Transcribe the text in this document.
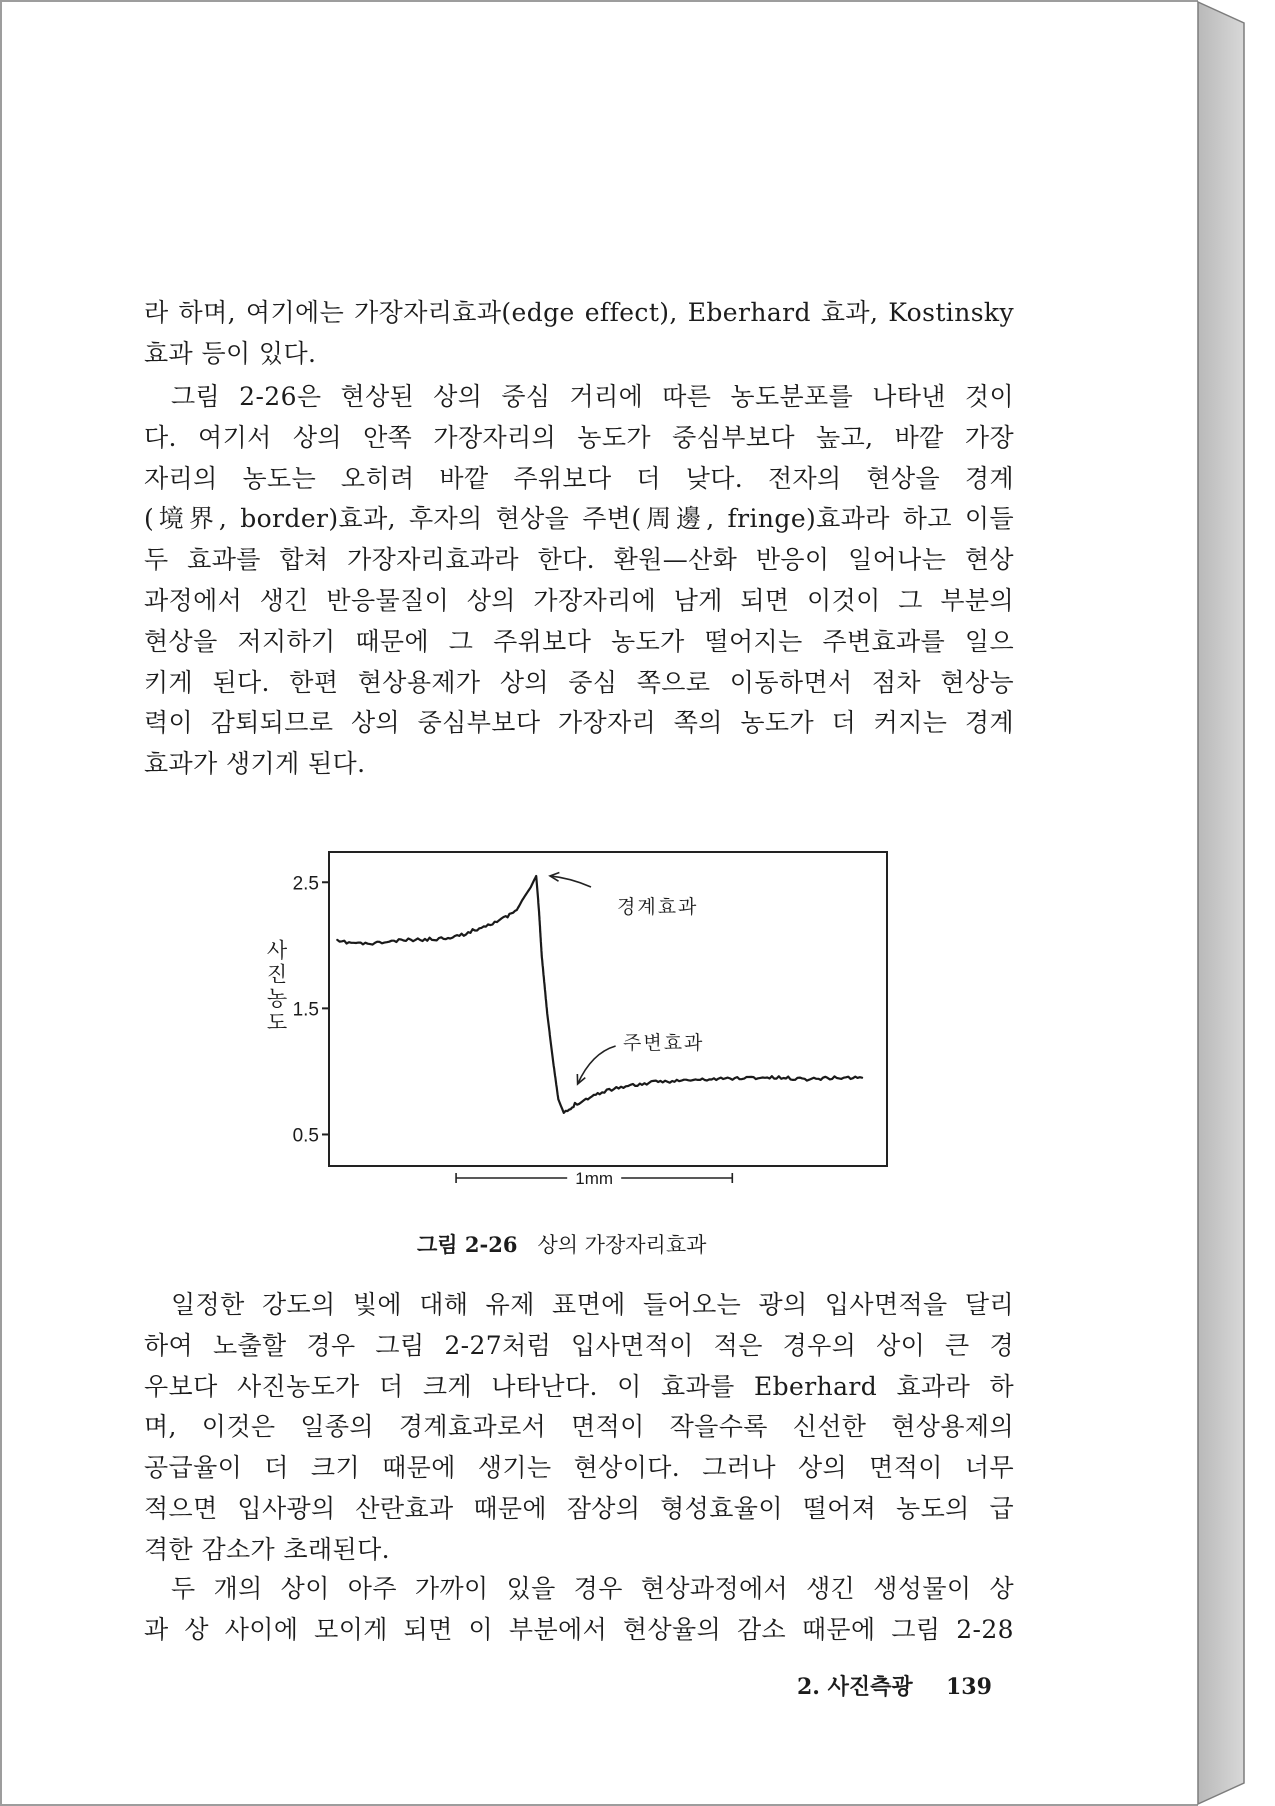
라 하며, 여기에는 가장자리효과(edge effect), Eberhard 효과, Kostinsky
효과 등이 있다.
그림 2-26은 현상된 상의 중심 거리에 따른 농도분포를 나타낸 것이
다. 여기서 상의 안쪽 가장자리의 농도가 중심부보다 높고, 바깥 가장
자리의 농도는 오히려 바깥 주위보다 더 낮다. 전자의 현상을 경계
(境界, border)효과, 후자의 현상을 주변(周邊, fringe)효과라 하고 이들
두 효과를 합쳐 가장자리효과라 한다. 환원—산화 반응이 일어나는 현상
과정에서 생긴 반응물질이 상의 가장자리에 남게 되면 이것이 그 부분의
현상을 저지하기 때문에 그 주위보다 농도가 떨어지는 주변효과를 일으
키게 된다. 한편 현상용제가 상의 중심 쪽으로 이동하면서 점차 현상능
력이 감퇴되므로 상의 중심부보다 가장자리 쪽의 농도가 더 커지는 경계
효과가 생기게 된다.
2.5
1.5
0.5
1mm
경계효과
주변효과
사진농도
그림 2-26 상의 가장자리효과
일정한 강도의 빛에 대해 유제 표면에 들어오는 광의 입사면적을 달리
하여 노출할 경우 그림 2-27처럼 입사면적이 적은 경우의 상이 큰 경
우보다 사진농도가 더 크게 나타난다. 이 효과를 Eberhard 효과라 하
며, 이것은 일종의 경계효과로서 면적이 작을수록 신선한 현상용제의
공급율이 더 크기 때문에 생기는 현상이다. 그러나 상의 면적이 너무
적으면 입사광의 산란효과 때문에 잠상의 형성효율이 떨어져 농도의 급
격한 감소가 초래된다.
두 개의 상이 아주 가까이 있을 경우 현상과정에서 생긴 생성물이 상
과 상 사이에 모이게 되면 이 부분에서 현상율의 감소 때문에 그림 2-28
2. 사진측광 139
